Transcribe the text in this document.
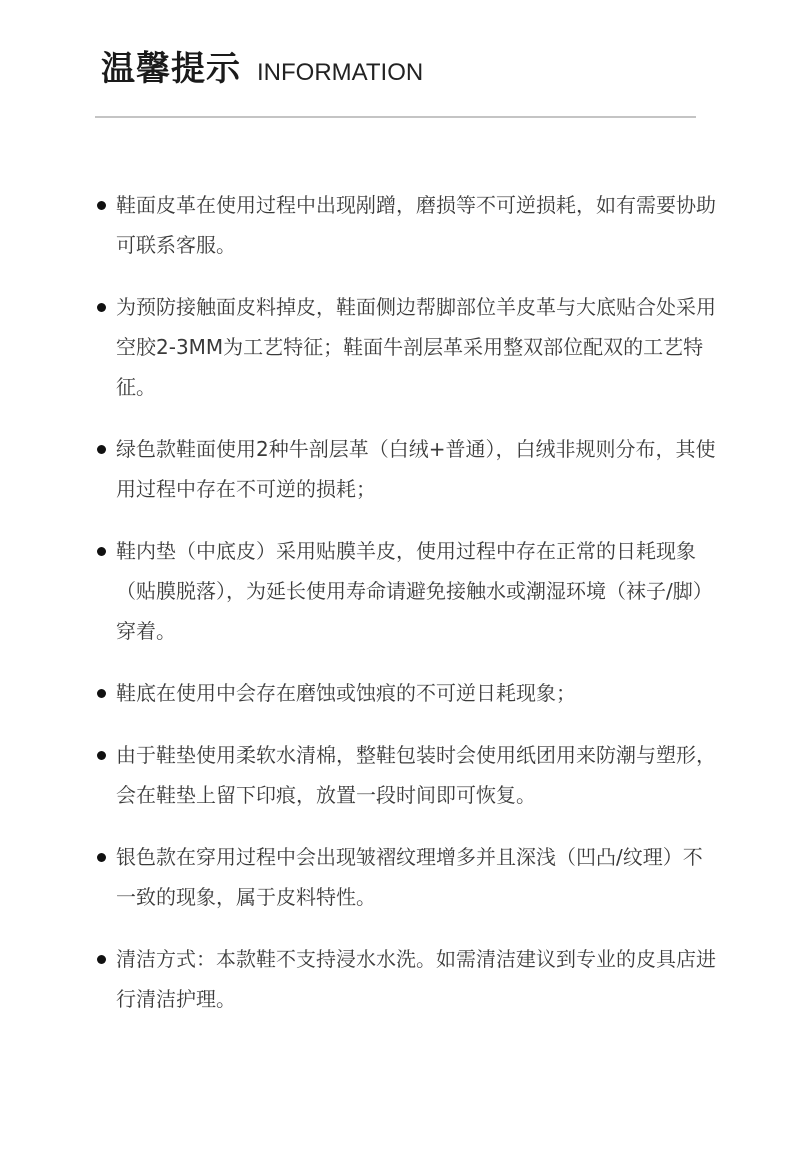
温馨提示 INFORMATION
鞋面皮革在使用过程中出现剐蹭，磨损等不可逆损耗，如有需要协助可联系客服。
为预防接触面皮料掉皮，鞋面侧边帮脚部位羊皮革与大底贴合处采用空胶2-3MM为工艺特征；鞋面牛剖层革采用整双部位配双的工艺特征。
绿色款鞋面使用2种牛剖层革（白绒+普通），白绒非规则分布，其使用过程中存在不可逆的损耗；
鞋内垫（中底皮）采用贴膜羊皮，使用过程中存在正常的日耗现象（贴膜脱落），为延长使用寿命请避免接触水或潮湿环境（袜子/脚）穿着。
鞋底在使用中会存在磨蚀或蚀痕的不可逆日耗现象；
由于鞋垫使用柔软水清棉，整鞋包装时会使用纸团用来防潮与塑形，会在鞋垫上留下印痕，放置一段时间即可恢复。
银色款在穿用过程中会出现皱褶纹理增多并且深浅（凹凸/纹理）不一致的现象，属于皮料特性。
清洁方式：本款鞋不支持浸水水洗。如需清洁建议到专业的皮具店进行清洁护理。
